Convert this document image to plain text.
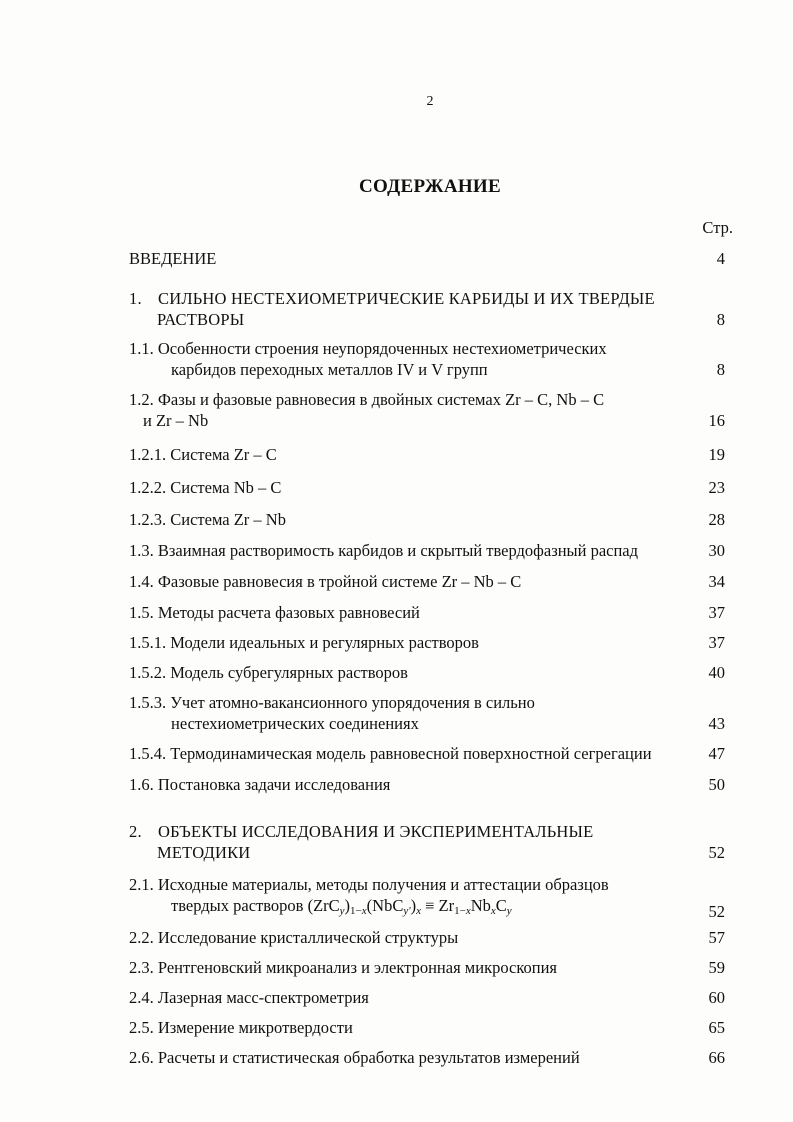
2
СОДЕРЖАНИЕ
Стр.
ВВЕДЕНИЕ	4
1. СИЛЬНО НЕСТЕХИОМЕТРИЧЕСКИЕ КАРБИДЫ И ИХ ТВЕРДЫЕ
РАСТВОРЫ	8
1.1. Особенности строения неупорядоченных нестехиометрических
карбидов переходных металлов IV и V групп	8
1.2. Фазы и фазовые равновесия в двойных системах Zr – C, Nb – C
и Zr – Nb	16
1.2.1. Система Zr – C	19
1.2.2. Система Nb – C	23
1.2.3. Система Zr – Nb	28
1.3. Взаимная растворимость карбидов и скрытый твердофазный распад	30
1.4. Фазовые равновесия в тройной системе Zr – Nb – C	34
1.5. Методы расчета фазовых равновесий	37
1.5.1. Модели идеальных и регулярных растворов	37
1.5.2. Модель субрегулярных растворов	40
1.5.3. Учет атомно-вакансионного упорядочения в сильно
нестехиометрических соединениях	43
1.5.4. Термодинамическая модель равновесной поверхностной сегрегации	47
1.6. Постановка задачи исследования	50
2. ОБЪЕКТЫ ИССЛЕДОВАНИЯ И ЭКСПЕРИМЕНТАЛЬНЫЕ
МЕТОДИКИ	52
2.1. Исходные материалы, методы получения и аттестации образцов
твердых растворов $(ZrC_y)_{1-x}(NbC_{y'})_x \equiv Zr_{1-x}Nb_xC_y$	52
2.2. Исследование кристаллической структуры	57
2.3. Рентгеновский микроанализ и электронная микроскопия	59
2.4. Лазерная масс-спектрометрия	60
2.5. Измерение микротвердости	65
2.6. Расчеты и статистическая обработка результатов измерений	66
